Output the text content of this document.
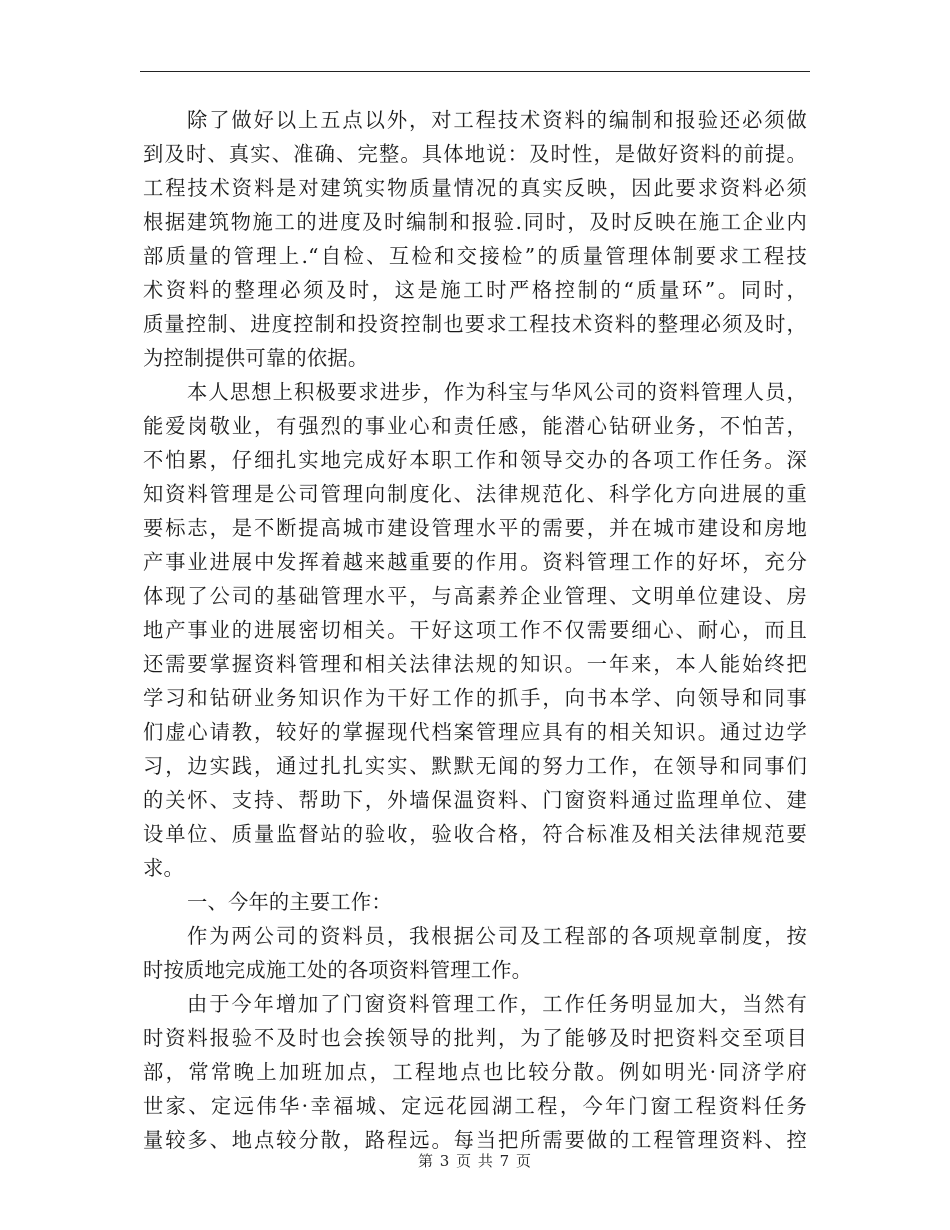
除了做好以上五点以外，对工程技术资料的编制和报验还必须做
到及时、真实、准确、完整。具体地说：及时性，是做好资料的前提。
工程技术资料是对建筑实物质量情况的真实反映，因此要求资料必须
根据建筑物施工的进度及时编制和报验.同时，及时反映在施工企业内
部质量的管理上.“自检、互检和交接检”的质量管理体制要求工程技
术资料的整理必须及时，这是施工时严格控制的“质量环”。同时，
质量控制、进度控制和投资控制也要求工程技术资料的整理必须及时，
为控制提供可靠的依据。
本人思想上积极要求进步，作为科宝与华风公司的资料管理人员，
能爱岗敬业，有强烈的事业心和责任感，能潜心钻研业务，不怕苦，
不怕累，仔细扎实地完成好本职工作和领导交办的各项工作任务。深
知资料管理是公司管理向制度化、法律规范化、科学化方向进展的重
要标志，是不断提高城市建设管理水平的需要，并在城市建设和房地
产事业进展中发挥着越来越重要的作用。资料管理工作的好坏，充分
体现了公司的基础管理水平，与高素养企业管理、文明单位建设、房
地产事业的进展密切相关。干好这项工作不仅需要细心、耐心，而且
还需要掌握资料管理和相关法律法规的知识。一年来，本人能始终把
学习和钻研业务知识作为干好工作的抓手，向书本学、向领导和同事
们虚心请教，较好的掌握现代档案管理应具有的相关知识。通过边学
习，边实践，通过扎扎实实、默默无闻的努力工作，在领导和同事们
的关怀、支持、帮助下，外墙保温资料、门窗资料通过监理单位、建
设单位、质量监督站的验收，验收合格，符合标准及相关法律规范要
求。
一、今年的主要工作：
作为两公司的资料员，我根据公司及工程部的各项规章制度，按
时按质地完成施工处的各项资料管理工作。
由于今年增加了门窗资料管理工作，工作任务明显加大，当然有
时资料报验不及时也会挨领导的批判，为了能够及时把资料交至项目
部，常常晚上加班加点，工程地点也比较分散。例如明光·同济学府
世家、定远伟华·幸福城、定远花园湖工程，今年门窗工程资料任务
量较多、地点较分散，路程远。每当把所需要做的工程管理资料、控
第 3 页 共 7 页
